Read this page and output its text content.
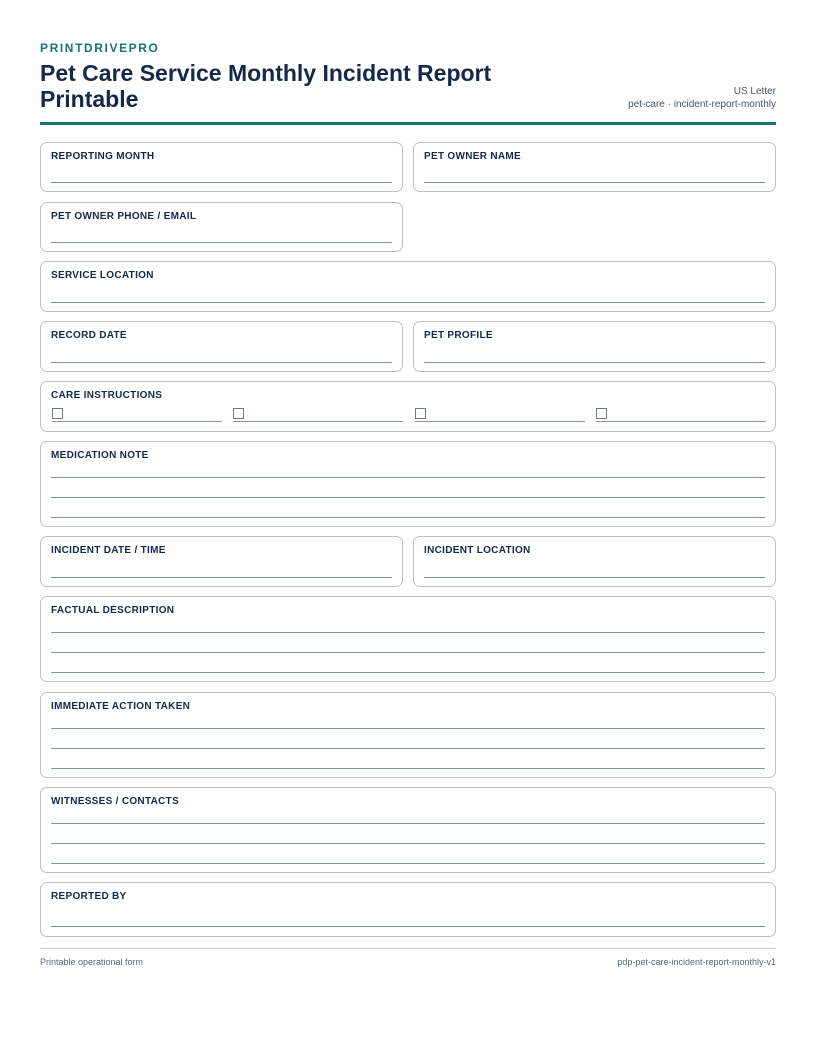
PRINTDRIVEPRO
Pet Care Service Monthly Incident Report Printable	US Letter
pet-care · incident-report-monthly
REPORTING MONTH	PET OWNER NAME
PET OWNER PHONE / EMAIL
SERVICE LOCATION
RECORD DATE	PET PROFILE
CARE INSTRUCTIONS
MEDICATION NOTE
INCIDENT DATE / TIME	INCIDENT LOCATION
FACTUAL DESCRIPTION
IMMEDIATE ACTION TAKEN
WITNESSES / CONTACTS
REPORTED BY
Printable operational form	pdp-pet-care-incident-report-monthly-v1
